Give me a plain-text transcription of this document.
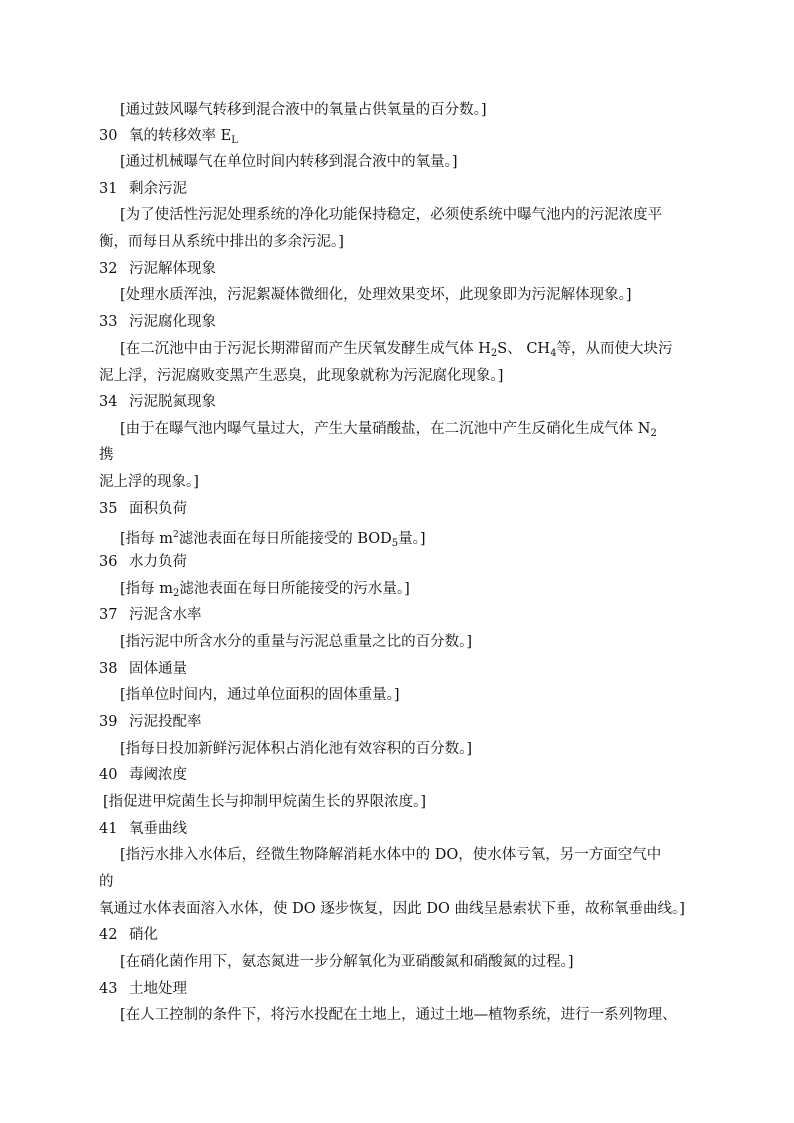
[通过鼓风曝气转移到混合液中的氧量占供氧量的百分数。]
30 氧的转移效率 $E_L$
[通过机械曝气在单位时间内转移到混合液中的氧量。]
31 剩余污泥
[为了使活性污泥处理系统的净化功能保持稳定，必须使系统中曝气池内的污泥浓度平
衡，而每日从系统中排出的多余污泥。]
32 污泥解体现象
[处理水质浑浊，污泥絮凝体微细化，处理效果变坏，此现象即为污泥解体现象。]
33 污泥腐化现象
[在二沉池中由于污泥长期滞留而产生厌氧发酵生成气体 $H_2S$、 $CH_4$等，从而使大块污
泥上浮，污泥腐败变黑产生恶臭，此现象就称为污泥腐化现象。]
34 污泥脱氮现象
[由于在曝气池内曝气量过大，产生大量硝酸盐，在二沉池中产生反硝化生成气体 $N_2$
携
泥上浮的现象。]
35 面积负荷
[指每 $m^2$滤池表面在每日所能接受的 $BOD_5$量。]
36 水力负荷
[指每 $m_2$滤池表面在每日所能接受的污水量。]
37 污泥含水率
[指污泥中所含水分的重量与污泥总重量之比的百分数。]
38 固体通量
[指单位时间内，通过单位面积的固体重量。]
39 污泥投配率
[指每日投加新鲜污泥体积占消化池有效容积的百分数。]
40 毒阈浓度
[指促进甲烷菌生长与抑制甲烷菌生长的界限浓度。]
41 氧垂曲线
[指污水排入水体后，经微生物降解消耗水体中的 DO，使水体亏氧，另一方面空气中
的
氧通过水体表面溶入水体，使 DO 逐步恢复，因此 DO 曲线呈悬索状下垂，故称氧垂曲线。]
42 硝化
[在硝化菌作用下，氨态氮进一步分解氧化为亚硝酸氮和硝酸氮的过程。]
43 土地处理
[在人工控制的条件下，将污水投配在土地上，通过土地—植物系统，进行一系列物理、
